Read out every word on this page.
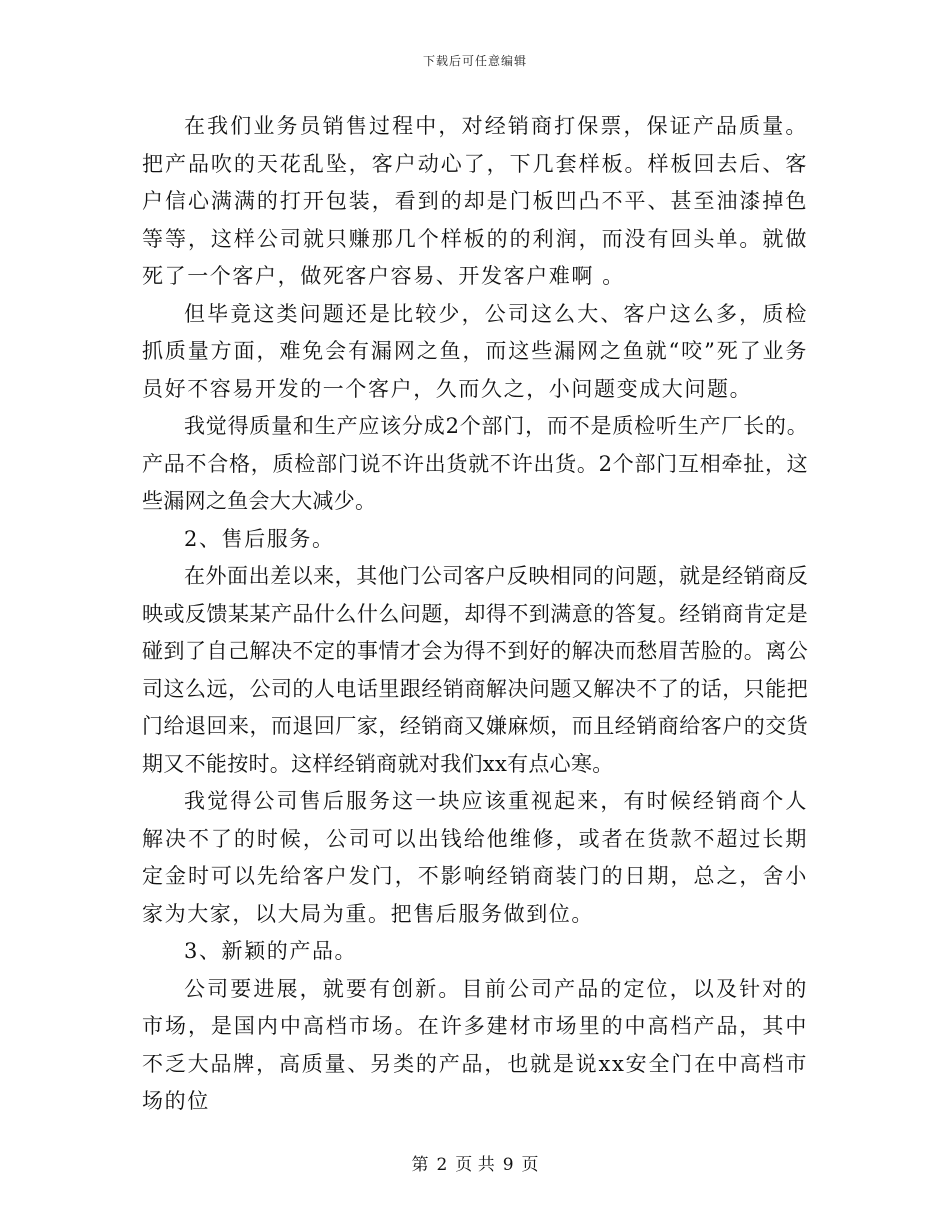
下载后可任意编辑

在我们业务员销售过程中，对经销商打保票，保证产品质量。把产品吹的天花乱坠，客户动心了，下几套样板。样板回去后、客户信心满满的打开包装，看到的却是门板凹凸不平、甚至油漆掉色等等，这样公司就只赚那几个样板的的利润，而没有回头单。就做死了一个客户，做死客户容易、开发客户难啊 。

但毕竟这类问题还是比较少，公司这么大、客户这么多，质检抓质量方面，难免会有漏网之鱼，而这些漏网之鱼就“咬”死了业务员好不容易开发的一个客户，久而久之，小问题变成大问题。

我觉得质量和生产应该分成2个部门，而不是质检听生产厂长的。产品不合格，质检部门说不许出货就不许出货。2个部门互相牵扯，这些漏网之鱼会大大减少。

2、售后服务。

在外面出差以来，其他门公司客户反映相同的问题，就是经销商反映或反馈某某产品什么什么问题，却得不到满意的答复。经销商肯定是碰到了自己解决不定的事情才会为得不到好的解决而愁眉苦脸的。离公司这么远，公司的人电话里跟经销商解决问题又解决不了的话，只能把门给退回来，而退回厂家，经销商又嫌麻烦，而且经销商给客户的交货期又不能按时。这样经销商就对我们xx有点心寒。

我觉得公司售后服务这一块应该重视起来，有时候经销商个人解决不了的时候，公司可以出钱给他维修，或者在货款不超过长期定金时可以先给客户发门，不影响经销商装门的日期，总之，舍小家为大家，以大局为重。把售后服务做到位。

3、新颖的产品。

公司要进展，就要有创新。目前公司产品的定位，以及针对的市场，是国内中高档市场。在许多建材市场里的中高档产品，其中不乏大品牌，高质量、另类的产品，也就是说xx安全门在中高档市场的位

第 2 页 共 9 页
